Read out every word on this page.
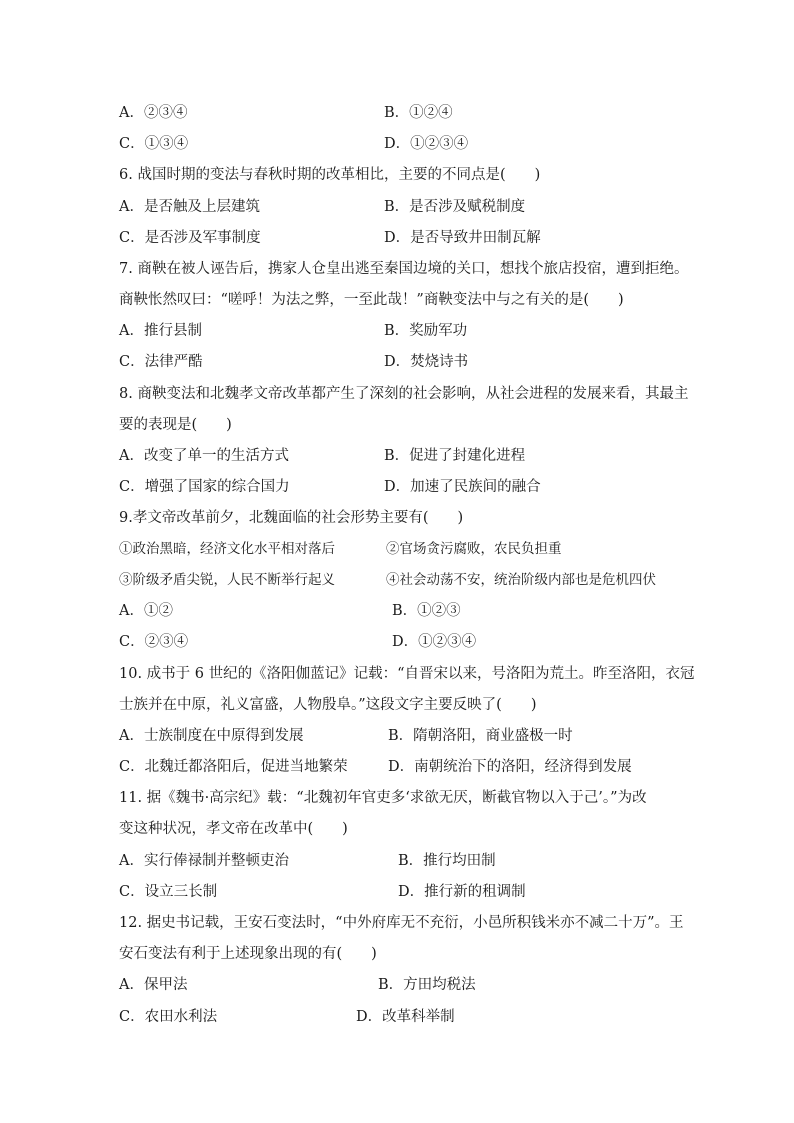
A．②③④	B．①②④
C．①③④	D．①②③④
6. 战国时期的变法与春秋时期的改革相比，主要的不同点是(　　)
A．是否触及上层建筑	B．是否涉及赋税制度
C．是否涉及军事制度	D．是否导致井田制瓦解
7. 商鞅在被人诬告后，携家人仓皇出逃至秦国边境的关口，想找个旅店投宿，遭到拒绝。
商鞅怅然叹曰：“嗟呼！为法之弊，一至此哉！”商鞅变法中与之有关的是(　　)
A．推行县制	B．奖励军功
C．法律严酷	D．焚烧诗书
8. 商鞅变法和北魏孝文帝改革都产生了深刻的社会影响，从社会进程的发展来看，其最主
要的表现是(　　)
A．改变了单一的生活方式	B．促进了封建化进程
C．增强了国家的综合国力	D．加速了民族间的融合
9.孝文帝改革前夕，北魏面临的社会形势主要有(　　)
①政治黑暗，经济文化水平相对落后	②官场贪污腐败，农民负担重
③阶级矛盾尖锐，人民不断举行起义	④社会动荡不安，统治阶级内部也是危机四伏
A．①②	B．①②③
C．②③④	D．①②③④
10. 成书于 6 世纪的《洛阳伽蓝记》记载：“自晋宋以来，号洛阳为荒土。昨至洛阳，衣冠
士族并在中原，礼义富盛，人物殷阜。”这段文字主要反映了(　　)
A．士族制度在中原得到发展	B．隋朝洛阳，商业盛极一时
C．北魏迁都洛阳后，促进当地繁荣	D．南朝统治下的洛阳，经济得到发展
11. 据《魏书·高宗纪》载：“北魏初年官吏多‘求欲无厌，断截官物以入于己’。”为改
变这种状况，孝文帝在改革中(　　)
A．实行俸禄制并整顿吏治	B．推行均田制
C．设立三长制	D．推行新的租调制
12. 据史书记载，王安石变法时，“中外府库无不充衍，小邑所积钱米亦不减二十万”。王
安石变法有利于上述现象出现的有(　　)
A．保甲法	B．方田均税法
C．农田水利法	D．改革科举制
